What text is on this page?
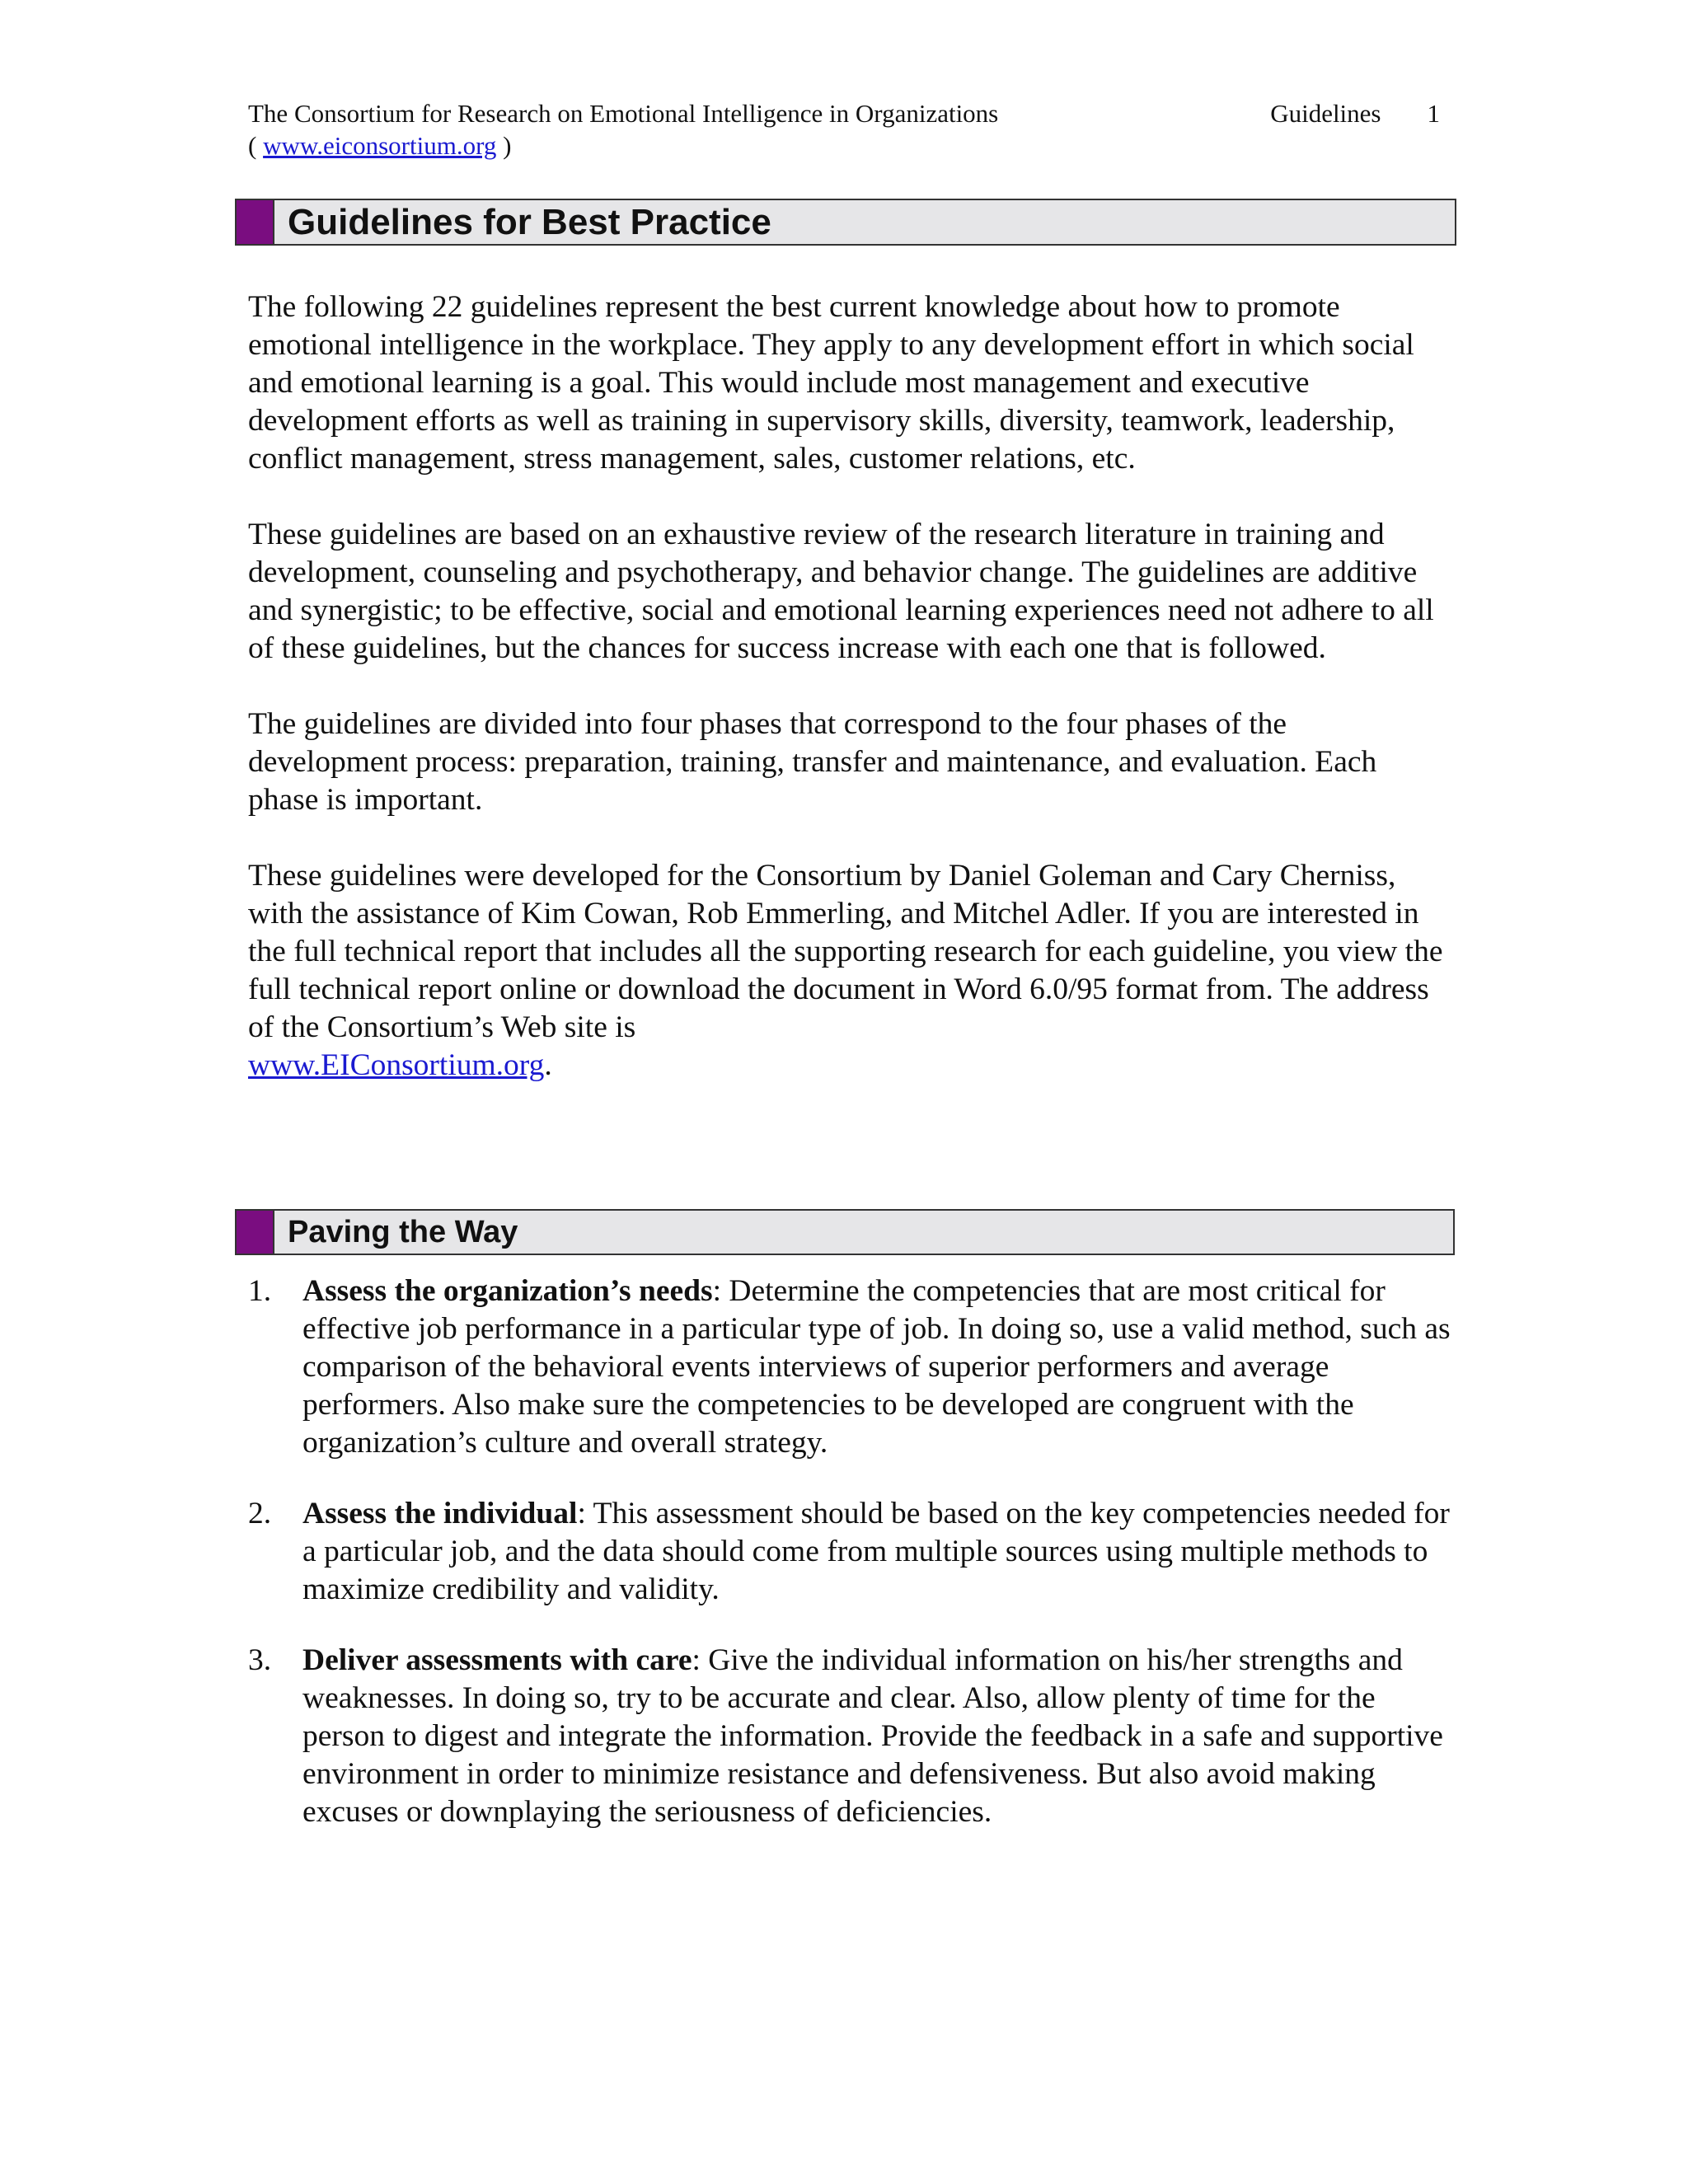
The Consortium for Research on Emotional Intelligence in Organizations	Guidelines 1
( www.eiconsortium.org )
Guidelines for Best Practice

The following 22 guidelines represent the best current knowledge about how to promote emotional intelligence in the workplace. They apply to any development effort in which social and emotional learning is a goal. This would include most management and executive development efforts as well as training in supervisory skills, diversity, teamwork, leadership, conflict management, stress management, sales, customer relations, etc.

These guidelines are based on an exhaustive review of the research literature in training and development, counseling and psychotherapy, and behavior change. The guidelines are additive and synergistic; to be effective, social and emotional learning experiences need not adhere to all of these guidelines, but the chances for success increase with each one that is followed.

The guidelines are divided into four phases that correspond to the four phases of the development process: preparation, training, transfer and maintenance, and evaluation. Each phase is important.

These guidelines were developed for the Consortium by Daniel Goleman and Cary Cherniss, with the assistance of Kim Cowan, Rob Emmerling, and Mitchel Adler. If you are interested in the full technical report that includes all the supporting research for each guideline, you view the full technical report online or download the document in Word 6.0/95 format from. The address of the Consortium’s Web site is
www.EIConsortium.org.

Paving the Way
1.	Assess the organization’s needs: Determine the competencies that are most critical for effective job performance in a particular type of job. In doing so, use a valid method, such as comparison of the behavioral events interviews of superior performers and average performers. Also make sure the competencies to be developed are congruent with the organization’s culture and overall strategy.
2.	Assess the individual: This assessment should be based on the key competencies needed for a particular job, and the data should come from multiple sources using multiple methods to maximize credibility and validity.
3.	Deliver assessments with care: Give the individual information on his/her strengths and weaknesses. In doing so, try to be accurate and clear. Also, allow plenty of time for the person to digest and integrate the information. Provide the feedback in a safe and supportive environment in order to minimize resistance and defensiveness. But also avoid making excuses or downplaying the seriousness of deficiencies.
